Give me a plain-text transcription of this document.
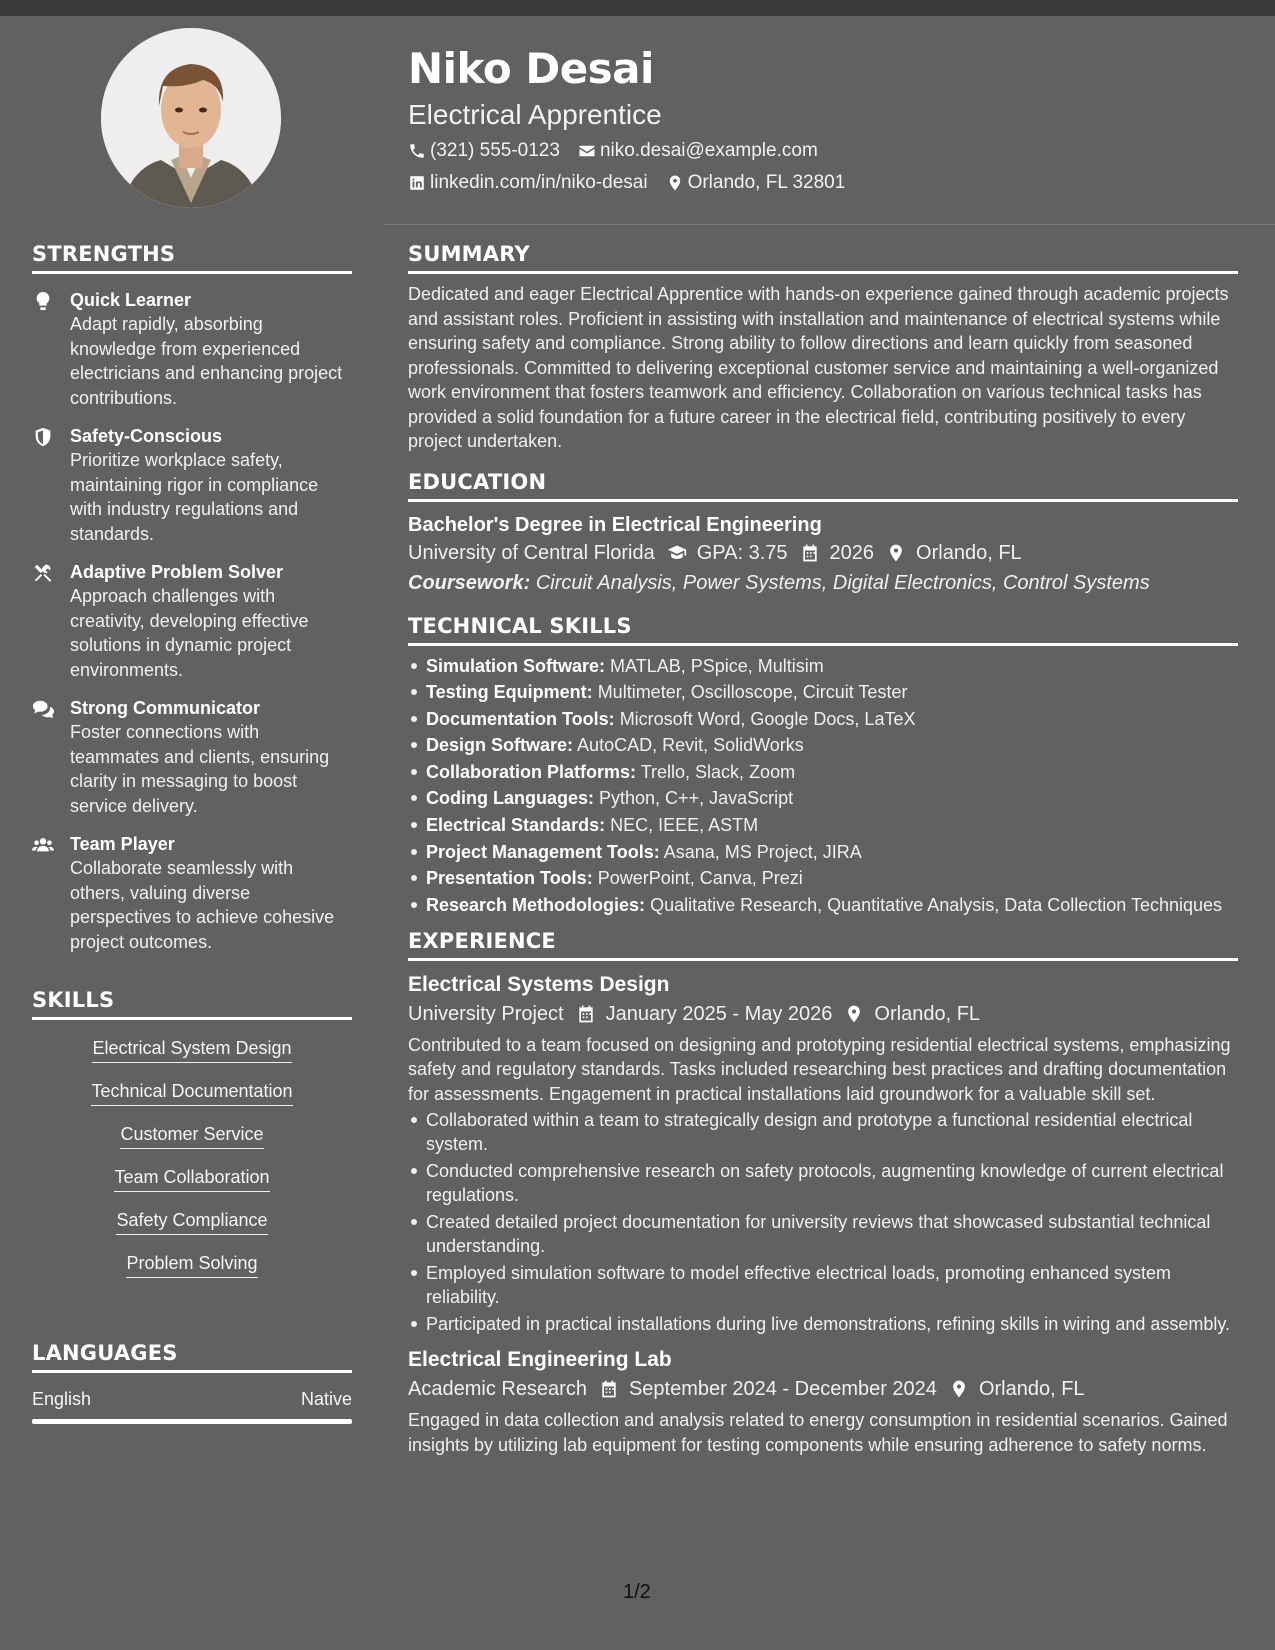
STRENGTHS
Quick Learner
Adapt rapidly, absorbing knowledge from experienced electricians and enhancing project contributions.
Safety-Conscious
Prioritize workplace safety, maintaining rigor in compliance with industry regulations and standards.
Adaptive Problem Solver
Approach challenges with creativity, developing effective solutions in dynamic project environments.
Strong Communicator
Foster connections with teammates and clients, ensuring clarity in messaging to boost service delivery.
Team Player
Collaborate seamlessly with others, valuing diverse perspectives to achieve cohesive project outcomes.
SKILLS
Electrical System Design
Technical Documentation
Customer Service
Team Collaboration
Safety Compliance
Problem Solving
LANGUAGES
English	Native
Niko Desai
Electrical Apprentice
(321) 555-0123 niko.desai@example.com
linkedin.com/in/niko-desai Orlando, FL 32801
SUMMARY
Dedicated and eager Electrical Apprentice with hands-on experience gained through academic projects and assistant roles. Proficient in assisting with installation and maintenance of electrical systems while ensuring safety and compliance. Strong ability to follow directions and learn quickly from seasoned professionals. Committed to delivering exceptional customer service and maintaining a well-organized work environment that fosters teamwork and efficiency. Collaboration on various technical tasks has provided a solid foundation for a future career in the electrical field, contributing positively to every project undertaken.
EDUCATION
Bachelor's Degree in Electrical Engineering
University of Central Florida GPA: 3.75 2026 Orlando, FL
Coursework: Circuit Analysis, Power Systems, Digital Electronics, Control Systems
TECHNICAL SKILLS
Simulation Software: MATLAB, PSpice, Multisim
Testing Equipment: Multimeter, Oscilloscope, Circuit Tester
Documentation Tools: Microsoft Word, Google Docs, LaTeX
Design Software: AutoCAD, Revit, SolidWorks
Collaboration Platforms: Trello, Slack, Zoom
Coding Languages: Python, C++, JavaScript
Electrical Standards: NEC, IEEE, ASTM
Project Management Tools: Asana, MS Project, JIRA
Presentation Tools: PowerPoint, Canva, Prezi
Research Methodologies: Qualitative Research, Quantitative Analysis, Data Collection Techniques
EXPERIENCE
Electrical Systems Design
University Project January 2025 - May 2026 Orlando, FL
Contributed to a team focused on designing and prototyping residential electrical systems, emphasizing safety and regulatory standards. Tasks included researching best practices and drafting documentation for assessments. Engagement in practical installations laid groundwork for a valuable skill set.
Collaborated within a team to strategically design and prototype a functional residential electrical system.
Conducted comprehensive research on safety protocols, augmenting knowledge of current electrical regulations.
Created detailed project documentation for university reviews that showcased substantial technical understanding.
Employed simulation software to model effective electrical loads, promoting enhanced system reliability.
Participated in practical installations during live demonstrations, refining skills in wiring and assembly.
Electrical Engineering Lab
Academic Research September 2024 - December 2024 Orlando, FL
Engaged in data collection and analysis related to energy consumption in residential scenarios. Gained insights by utilizing lab equipment for testing components while ensuring adherence to safety norms.
1/2
